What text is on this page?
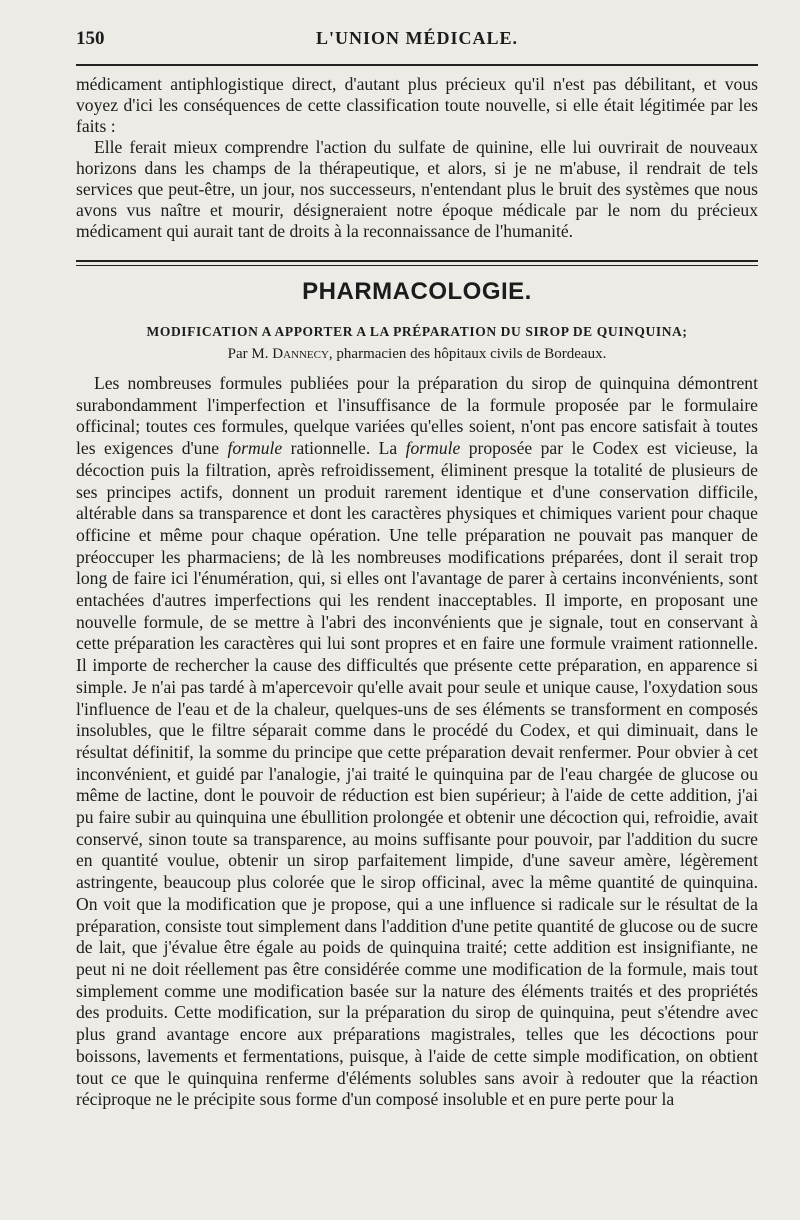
150	L'UNION MÉDICALE.

médicament antiphlogistique direct, d'autant plus précieux qu'il n'est pas débilitant, et vous voyez d'ici les conséquences de cette classification toute nouvelle, si elle était légitimée par les faits :

Elle ferait mieux comprendre l'action du sulfate de quinine, elle lui ouvrirait de nouveaux horizons dans les champs de la thérapeutique, et alors, si je ne m'abuse, il rendrait de tels services que peut-être, un jour, nos successeurs, n'entendant plus le bruit des systèmes que nous avons vus naître et mourir, désigneraient notre époque médicale par le nom du précieux médicament qui aurait tant de droits à la reconnaissance de l'humanité.

PHARMACOLOGIE.
MODIFICATION A APPORTER A LA PRÉPARATION DU SIROP DE QUINQUINA;
Par M. Dannecy, pharmacien des hôpitaux civils de Bordeaux.

Les nombreuses formules publiées pour la préparation du sirop de quinquina démontrent surabondamment l'imperfection et l'insuffisance de la formule proposée par le formulaire officinal; toutes ces formules, quelque variées qu'elles soient, n'ont pas encore satisfait à toutes les exigences d'une formule rationnelle. La formule proposée par le Codex est vicieuse, la décoction puis la filtration, après refroidissement, éliminent presque la totalité de plusieurs de ses principes actifs, donnent un produit rarement identique et d'une conservation difficile, altérable dans sa transparence et dont les caractères physiques et chimiques varient pour chaque officine et même pour chaque opération. Une telle préparation ne pouvait pas manquer de préoccuper les pharmaciens; de là les nombreuses modifications préparées, dont il serait trop long de faire ici l'énumération, qui, si elles ont l'avantage de parer à certains inconvénients, sont entachées d'autres imperfections qui les rendent inacceptables. Il importe, en proposant une nouvelle formule, de se mettre à l'abri des inconvénients que je signale, tout en conservant à cette préparation les caractères qui lui sont propres et en faire une formule vraiment rationnelle. Il importe de rechercher la cause des difficultés que présente cette préparation, en apparence si simple. Je n'ai pas tardé à m'apercevoir qu'elle avait pour seule et unique cause, l'oxydation sous l'influence de l'eau et de la chaleur, quelques-uns de ses éléments se transforment en composés insolubles, que le filtre séparait comme dans le procédé du Codex, et qui diminuait, dans le résultat définitif, la somme du principe que cette préparation devait renfermer. Pour obvier à cet inconvénient, et guidé par l'analogie, j'ai traité le quinquina par de l'eau chargée de glucose ou même de lactine, dont le pouvoir de réduction est bien supérieur; à l'aide de cette addition, j'ai pu faire subir au quinquina une ébullition prolongée et obtenir une décoction qui, refroidie, avait conservé, sinon toute sa transparence, au moins suffisante pour pouvoir, par l'addition du sucre en quantité voulue, obtenir un sirop parfaitement limpide, d'une saveur amère, légèrement astringente, beaucoup plus colorée que le sirop officinal, avec la même quantité de quinquina. On voit que la modification que je propose, qui a une influence si radicale sur le résultat de la préparation, consiste tout simplement dans l'addition d'une petite quantité de glucose ou de sucre de lait, que j'évalue être égale au poids de quinquina traité; cette addition est insignifiante, ne peut ni ne doit réellement pas être considérée comme une modification de la formule, mais tout simplement comme une modification basée sur la nature des éléments traités et des propriétés des produits. Cette modification, sur la préparation du sirop de quinquina, peut s'étendre avec plus grand avantage encore aux préparations magistrales, telles que les décoctions pour boissons, lavements et fermentations, puisque, à l'aide de cette simple modification, on obtient tout ce que le quinquina renferme d'éléments solubles sans avoir à redouter que la réaction réciproque ne le précipite sous forme d'un composé insoluble et en pure perte pour la
